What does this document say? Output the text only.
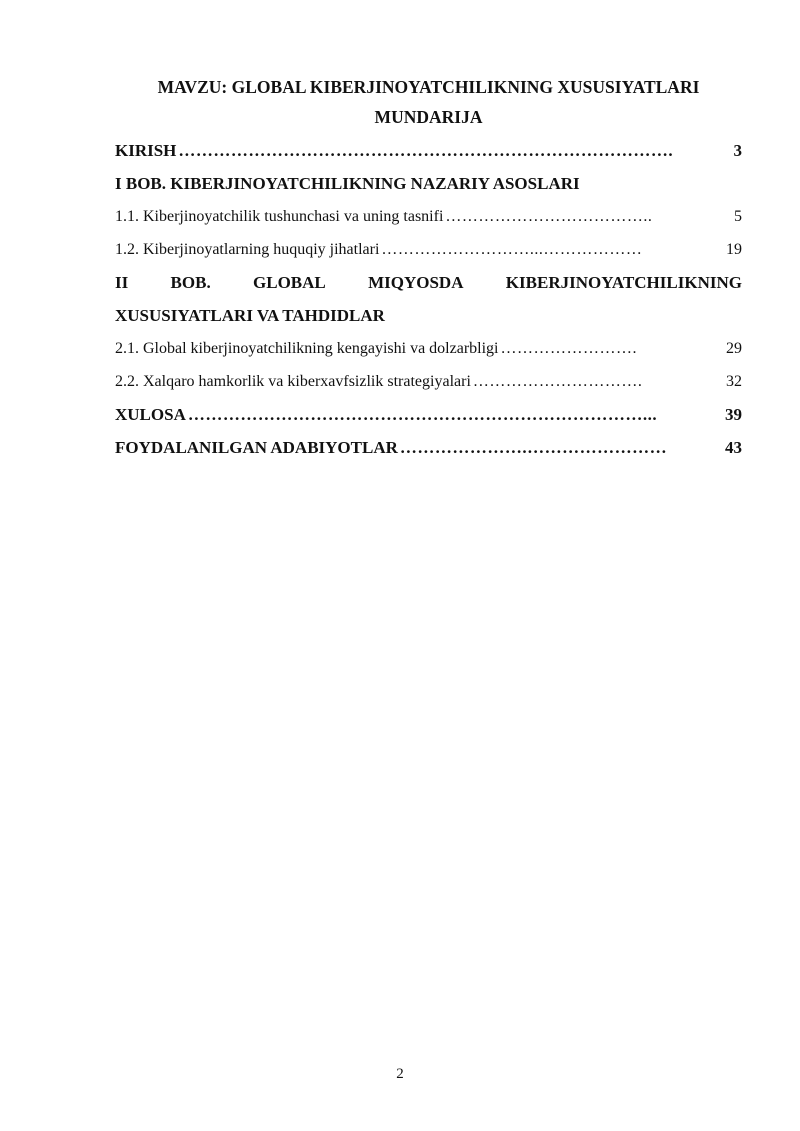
MAVZU: GLOBAL KIBERJINOYATCHILIKNING XUSUSIYATLARI
MUNDARIJA
KIRISH ………………………………………………………………………….	3
I BOB. KIBERJINOYATCHILIKNING NAZARIY ASOSLARI
1.1. Kiberjinoyatchilik tushunchasi va uning tasnifi ………………………………..	5
1.2. Kiberjinoyatlarning huquqiy jihatlari ………………………...………………	19
II BOB. GLOBAL MIQYOSDA KIBERJINOYATCHILIKNING
XUSUSIYATLARI VA TAHDIDLAR
2.1. Global kiberjinoyatchilikning kengayishi va dolzarbligi …………………….	29
2.2. Xalqaro hamkorlik va kiberxavfsizlik strategiyalari ………………………….	32
XULOSA ……………………………………………………………………...	39
FOYDALANILGAN ADABIYOTLAR ………………….……………………	43
2
